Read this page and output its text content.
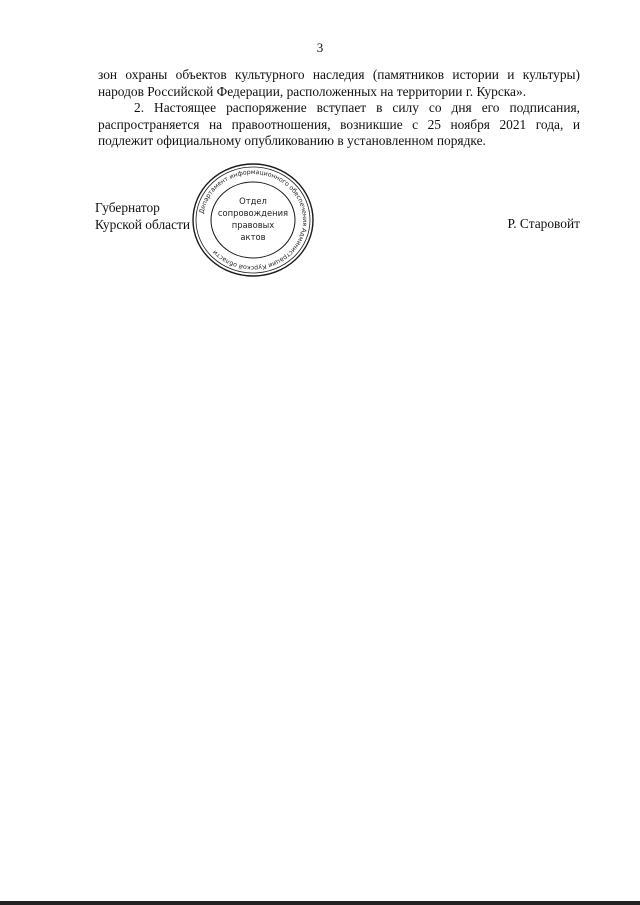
3
зон охраны объектов культурного наследия (памятников истории и культуры) народов Российской Федерации, расположенных на территории г. Курска».
2. Настоящее распоряжение вступает в силу со дня его подписания, распространяется на правоотношения, возникшие с 25 ноября 2021 года, и подлежит официальному опубликованию в установленном порядке.
Губернатор
Курской области	Р. Старовойт
Департамент информационного обеспечения Администрации Курской области
Отдел
сопровождения
правовых
актов
